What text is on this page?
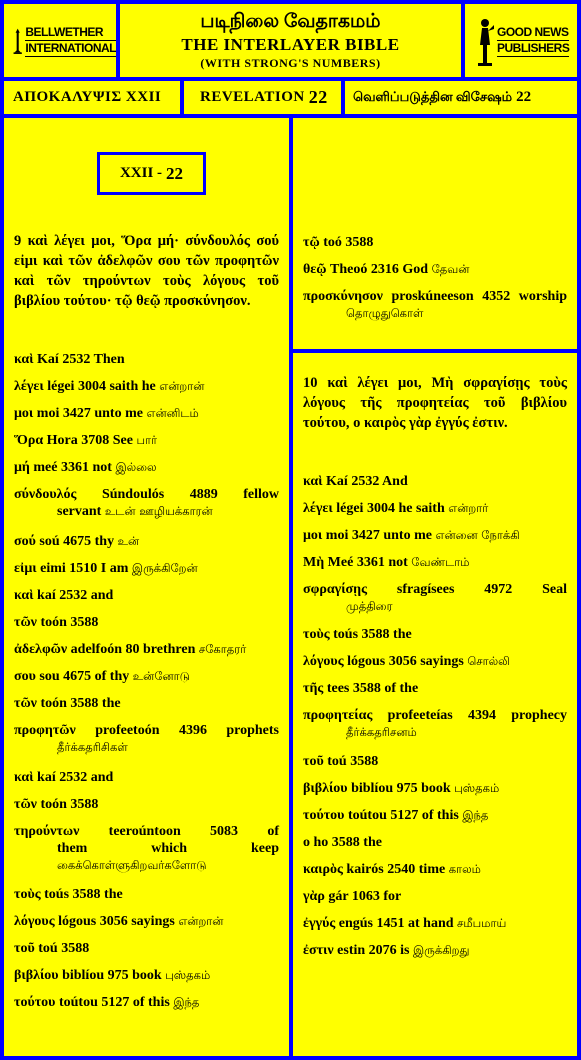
BELLWETHER
INTERNATIONAL
படிநிலை வேதாகமம்
THE INTERLAYER BIBLE
(WITH STRONG'S NUMBERS)
GOOD NEWS
PUBLISHERS
ΑΠΟΚΑΛΥΨΙΣ XXII	REVELATION 22 வெளிப்படுத்தின விசேஷம் 22
XXII - 22
9 καὶ λέγει μοι, Ὅρα μή· σύνδουλός σού εἰμι καὶ τῶν ἀδελφῶν σου τῶν προφητῶν καὶ τῶν τηρούντων τοὺς λόγους τοῦ βιβλίου τούτου· τῷ θεῷ προσκύνησον.
καὶ Kaí 2532 Then
λέγει légei 3004 saith he என்றான்
μοι moi 3427 unto me என்னிடம்
Ὅρα Hora 3708 See பார்
μή meé 3361 not இல்லை
σύνδουλός Súndoulós 4889 fellow
servant உடன் ஊழியக்காரன்
σού soú 4675 thy உன்
εἰμι eimi 1510 I am இருக்கிறேன்
καὶ kaí 2532 and
τῶν toón 3588
ἀδελφῶν adelfoón 80 brethren சகோதரர்
σου sou 4675 of thy உன்னோடு
τῶν toón 3588 the
προφητῶν profeetoón 4396 prophets
தீர்க்கதரிசிகள்
καὶ kaí 2532 and
τῶν toón 3588
τηρούντων teeroúntoon 5083 of
them which keep
கைக்கொள்ளுகிறவர்களோடு
τοὺς toús 3588 the
λόγους lógous 3056 sayings என்றான்
τοῦ toú 3588
βιβλίου biblíou 975 book புஸ்தகம்
τούτου toútou 5127 of this இந்த
τῷ toó 3588
θεῷ Theoó 2316 God தேவன்
προσκύνησον proskúneeson 4352 worship
தொழுதுகொள்
10 καὶ λέγει μοι, Μὴ σφραγίσῃς τοὺς λόγους τῆς προφητείας τοῦ βιβλίου τούτου, ο καιρὸς γὰρ ἐγγύς ἐστιν.
καὶ Kaí 2532 And
λέγει légei 3004 he saith என்றார்
μοι moi 3427 unto me என்னை நோக்கி
Μὴ Meé 3361 not வேண்டாம்
σφραγίσῃς sfragísees 4972 Seal
முத்திரை
τοὺς toús 3588 the
λόγους lógous 3056 sayings சொல்லி
τῆς tees 3588 of the
προφητείας profeeteías 4394 prophecy
தீர்க்கதரிசனம்
τοῦ toú 3588
βιβλίου biblíou 975 book புஸ்தகம்
τούτου toútou 5127 of this இந்த
ο ho 3588 the
καιρὸς kairós 2540 time காலம்
γὰρ gár 1063 for
ἐγγύς engús 1451 at hand சமீபமாய்
ἐστιν estin 2076 is இருக்கிறது
